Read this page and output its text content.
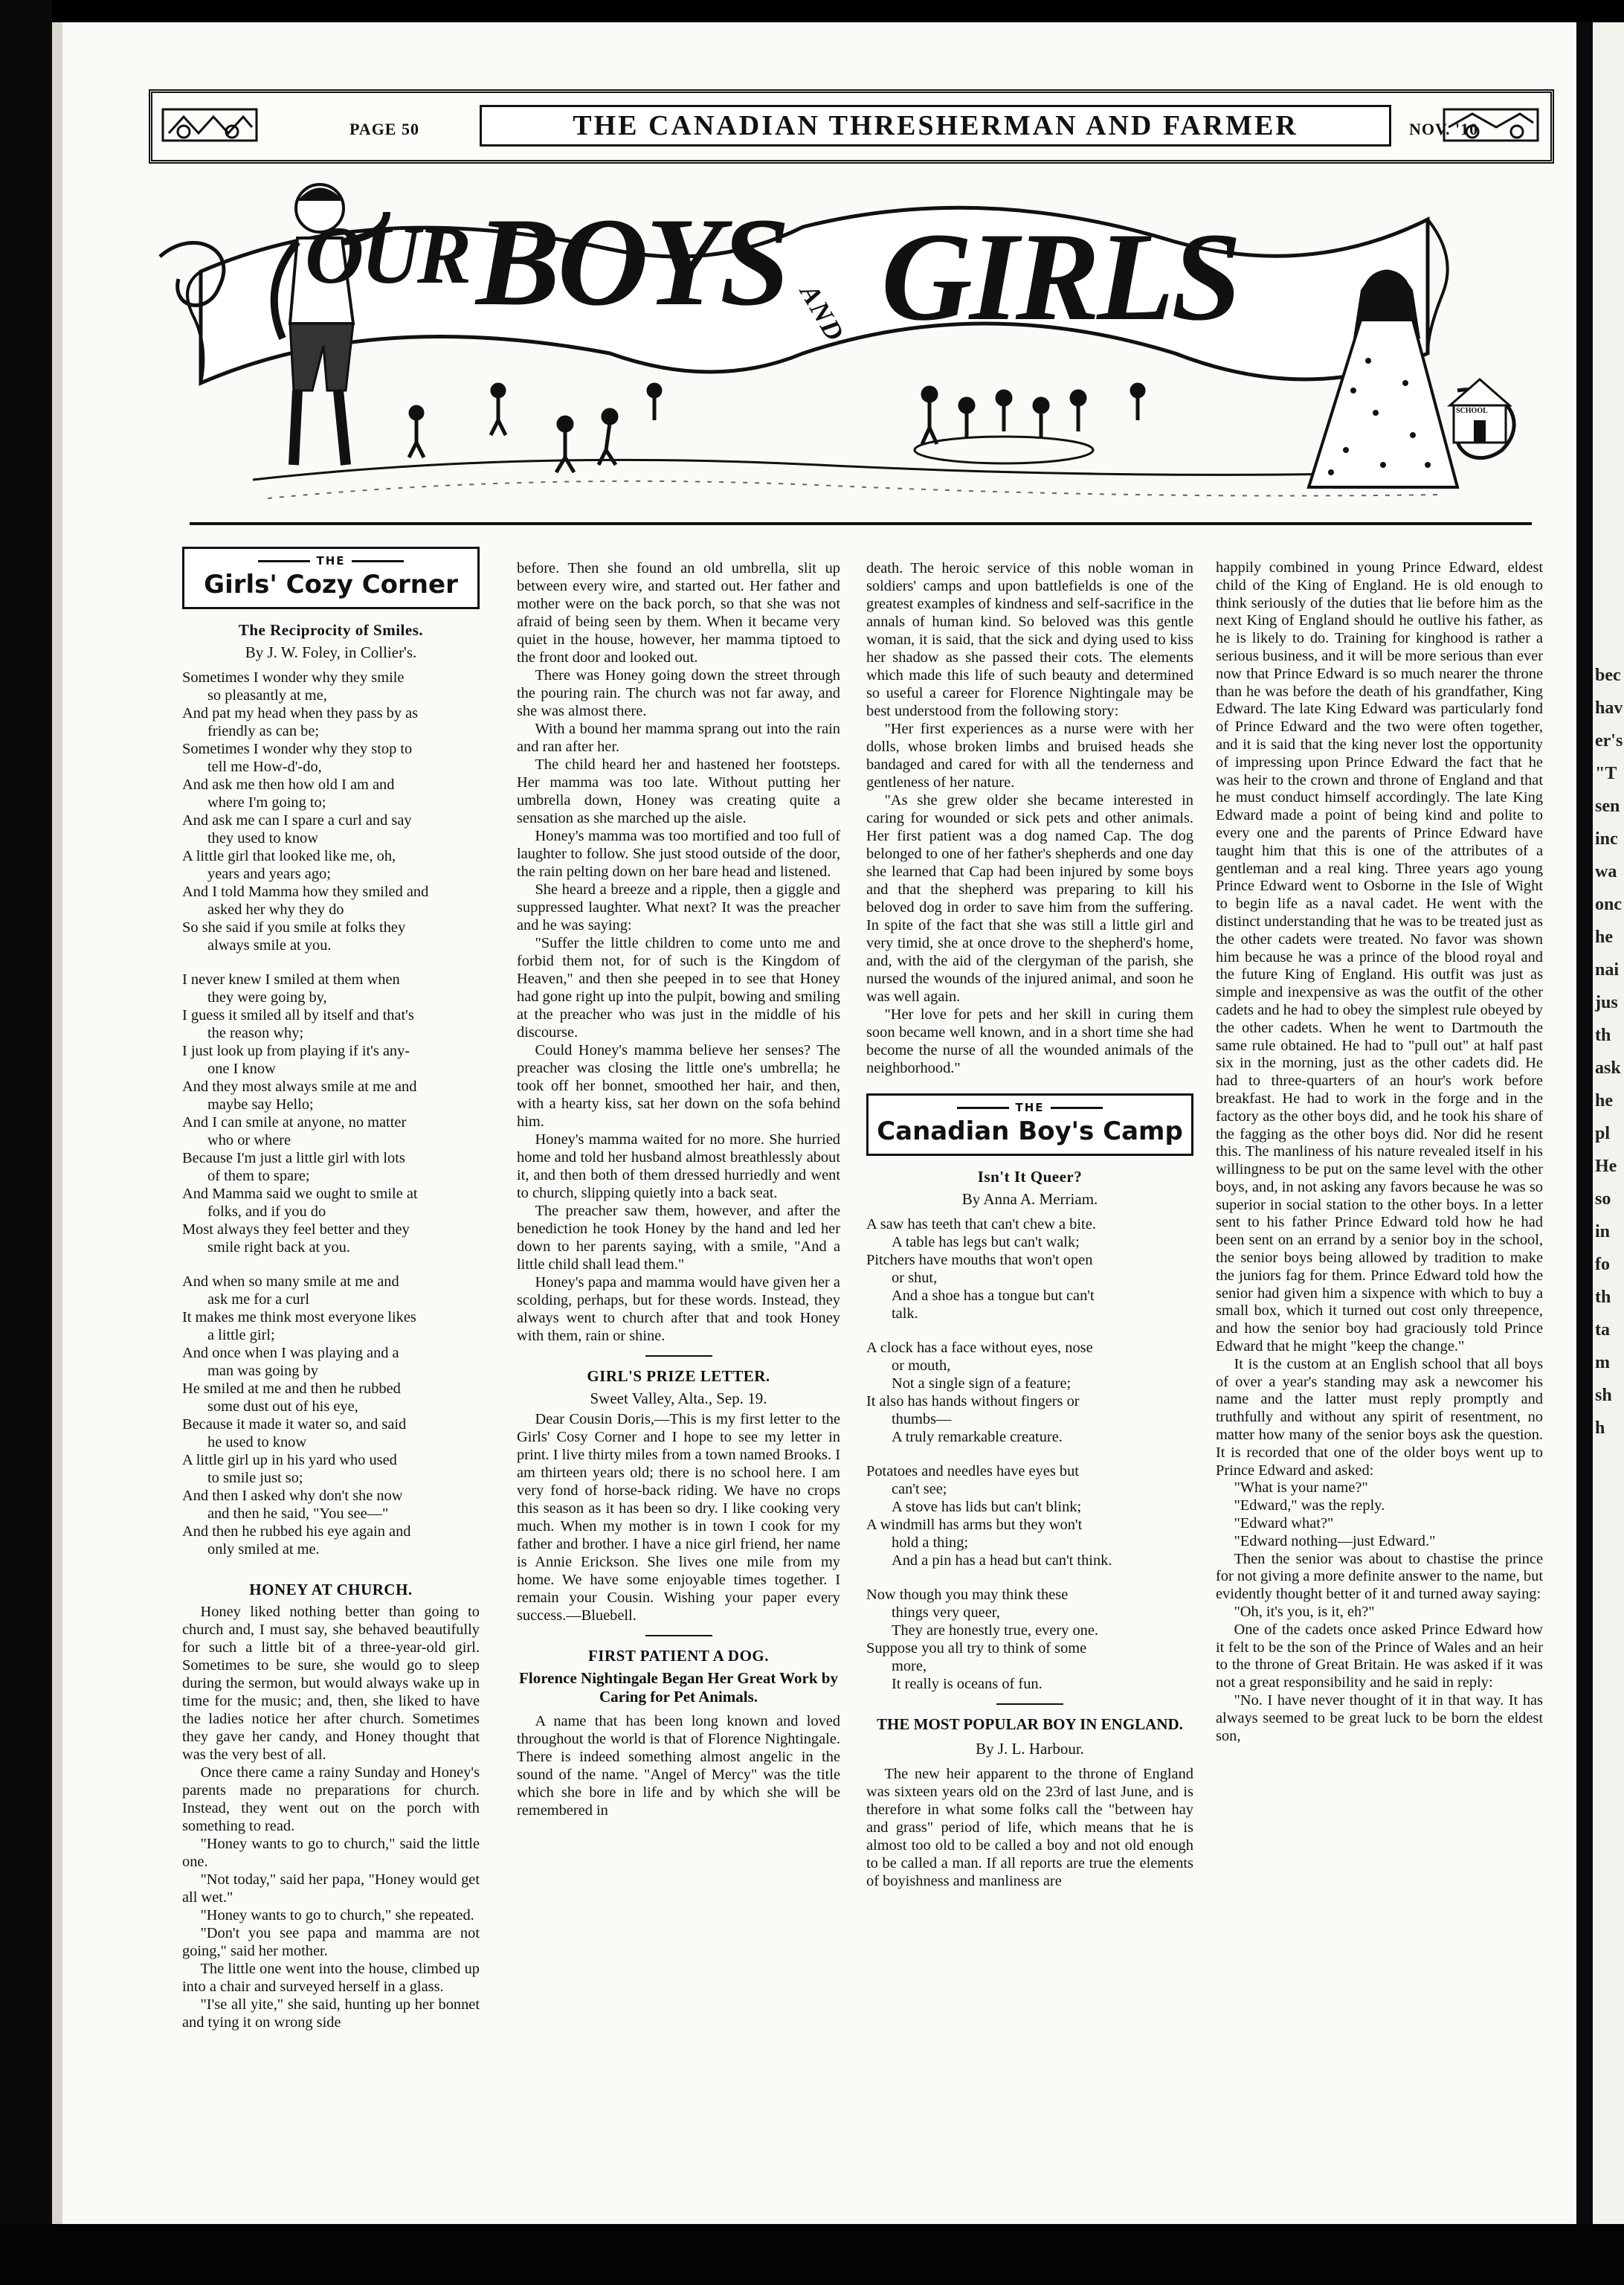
bec
hav
er's
"T
sen
inc
wa
onc
he
nai
jus
th
ask
he
pl
He
so
in
fo
th
ta
m
sh
h
PAGE 50	THE CANADIAN THRESHERMAN AND FARMER	NOV. '10
OUR BOYS AND GIRLS
SCHOOL
THE
Girls' Cozy Corner
The Reciprocity of Smiles.
By J. W. Foley, in Collier's.
Sometimes I wonder why they smile
so pleasantly at me,
And pat my head when they pass by as
friendly as can be;
Sometimes I wonder why they stop to
tell me How-d'-do,
And ask me then how old I am and
where I'm going to;
And ask me can I spare a curl and say
they used to know
A little girl that looked like me, oh,
years and years ago;
And I told Mamma how they smiled and
asked her why they do
So she said if you smile at folks they
always smile at you.
I never knew I smiled at them when
they were going by,
I guess it smiled all by itself and that's
the reason why;
I just look up from playing if it's any-
one I know
And they most always smile at me and
maybe say Hello;
And I can smile at anyone, no matter
who or where
Because I'm just a little girl with lots
of them to spare;
And Mamma said we ought to smile at
folks, and if you do
Most always they feel better and they
smile right back at you.
And when so many smile at me and
ask me for a curl
It makes me think most everyone likes
a little girl;
And once when I was playing and a
man was going by
He smiled at me and then he rubbed
some dust out of his eye,
Because it made it water so, and said
he used to know
A little girl up in his yard who used
to smile just so;
And then I asked why don't she now
and then he said, "You see—"
And then he rubbed his eye again and
only smiled at me.
HONEY AT CHURCH.

Honey liked nothing better than going to church and, I must say, she behaved beautifully for such a little bit of a three-year-old girl. Sometimes to be sure, she would go to sleep during the sermon, but would always wake up in time for the music; and, then, she liked to have the ladies notice her after church. Sometimes they gave her candy, and Honey thought that was the very best of all.

Once there came a rainy Sunday and Honey's parents made no preparations for church. Instead, they went out on the porch with something to read.

"Honey wants to go to church," said the little one.

"Not today," said her papa, "Honey would get all wet."

"Honey wants to go to church," she repeated.

"Don't you see papa and mamma are not going," said her mother.

The little one went into the house, climbed up into a chair and surveyed herself in a glass.

"I'se all yite," she said, hunting up her bonnet and tying it on wrong side

before. Then she found an old umbrella, slit up between every wire, and started out. Her father and mother were on the back porch, so that she was not afraid of being seen by them. When it became very quiet in the house, however, her mamma tiptoed to the front door and looked out.

There was Honey going down the street through the pouring rain. The church was not far away, and she was almost there.

With a bound her mamma sprang out into the rain and ran after her.

The child heard her and hastened her footsteps. Her mamma was too late. Without putting her umbrella down, Honey was creating quite a sensation as she marched up the aisle.

Honey's mamma was too mortified and too full of laughter to follow. She just stood outside of the door, the rain pelting down on her bare head and listened.

She heard a breeze and a ripple, then a giggle and suppressed laughter. What next? It was the preacher and he was saying:

"Suffer the little children to come unto me and forbid them not, for of such is the Kingdom of Heaven," and then she peeped in to see that Honey had gone right up into the pulpit, bowing and smiling at the preacher who was just in the middle of his discourse.

Could Honey's mamma believe her senses? The preacher was closing the little one's umbrella; he took off her bonnet, smoothed her hair, and then, with a hearty kiss, sat her down on the sofa behind him.

Honey's mamma waited for no more. She hurried home and told her husband almost breathlessly about it, and then both of them dressed hurriedly and went to church, slipping quietly into a back seat.

The preacher saw them, however, and after the benediction he took Honey by the hand and led her down to her parents saying, with a smile, "And a little child shall lead them."

Honey's papa and mamma would have given her a scolding, perhaps, but for these words. Instead, they always went to church after that and took Honey with them, rain or shine.

GIRL'S PRIZE LETTER.
Sweet Valley, Alta., Sep. 19.

Dear Cousin Doris,—This is my first letter to the Girls' Cosy Corner and I hope to see my letter in print. I live thirty miles from a town named Brooks. I am thirteen years old; there is no school here. I am very fond of horse-back riding. We have no crops this season as it has been so dry. I like cooking very much. When my mother is in town I cook for my father and brother. I have a nice girl friend, her name is Annie Erickson. She lives one mile from my home. We have some enjoyable times together. I remain your Cousin. Wishing your paper every success.—Bluebell.

FIRST PATIENT A DOG.
Florence Nightingale Began Her Great Work by Caring for Pet Animals.

A name that has been long known and loved throughout the world is that of Florence Nightingale. There is indeed something almost angelic in the sound of the name. "Angel of Mercy" was the title which she bore in life and by which she will be remembered in

death. The heroic service of this noble woman in soldiers' camps and upon battlefields is one of the greatest examples of kindness and self-sacrifice in the annals of human kind. So beloved was this gentle woman, it is said, that the sick and dying used to kiss her shadow as she passed their cots. The elements which made this life of such beauty and determined so useful a career for Florence Nightingale may be best understood from the following story:

"Her first experiences as a nurse were with her dolls, whose broken limbs and bruised heads she bandaged and cared for with all the tenderness and gentleness of her nature.

"As she grew older she became interested in caring for wounded or sick pets and other animals. Her first patient was a dog named Cap. The dog belonged to one of her father's shepherds and one day she learned that Cap had been injured by some boys and that the shepherd was preparing to kill his beloved dog in order to save him from the suffering. In spite of the fact that she was still a little girl and very timid, she at once drove to the shepherd's home, and, with the aid of the clergyman of the parish, she nursed the wounds of the injured animal, and soon he was well again.

"Her love for pets and her skill in curing them soon became well known, and in a short time she had become the nurse of all the wounded animals of the neighborhood."

THE
Canadian Boy's Camp
Isn't It Queer?
By Anna A. Merriam.
A saw has teeth that can't chew a bite.
A table has legs but can't walk;
Pitchers have mouths that won't open
or shut,
And a shoe has a tongue but can't
talk.
A clock has a face without eyes, nose
or mouth,
Not a single sign of a feature;
It also has hands without fingers or
thumbs—
A truly remarkable creature.
Potatoes and needles have eyes but
can't see;
A stove has lids but can't blink;
A windmill has arms but they won't
hold a thing;
And a pin has a head but can't think.
Now though you may think these
things very queer,
They are honestly true, every one.
Suppose you all try to think of some
more,
It really is oceans of fun.
THE MOST POPULAR BOY IN ENGLAND.
By J. L. Harbour.

The new heir apparent to the throne of England was sixteen years old on the 23rd of last June, and is therefore in what some folks call the "between hay and grass" period of life, which means that he is almost too old to be called a boy and not old enough to be called a man. If all reports are true the elements of boyishness and manliness are

happily combined in young Prince Edward, eldest child of the King of England. He is old enough to think seriously of the duties that lie before him as the next King of England should he outlive his father, as he is likely to do. Training for kinghood is rather a serious business, and it will be more serious than ever now that Prince Edward is so much nearer the throne than he was before the death of his grandfather, King Edward. The late King Edward was particularly fond of Prince Edward and the two were often together, and it is said that the king never lost the opportunity of impressing upon Prince Edward the fact that he was heir to the crown and throne of England and that he must conduct himself accordingly. The late King Edward made a point of being kind and polite to every one and the parents of Prince Edward have taught him that this is one of the attributes of a gentleman and a real king. Three years ago young Prince Edward went to Osborne in the Isle of Wight to begin life as a naval cadet. He went with the distinct understanding that he was to be treated just as the other cadets were treated. No favor was shown him because he was a prince of the blood royal and the future King of England. His outfit was just as simple and inexpensive as was the outfit of the other cadets and he had to obey the simplest rule obeyed by the other cadets. When he went to Dartmouth the same rule obtained. He had to "pull out" at half past six in the morning, just as the other cadets did. He had to three-quarters of an hour's work before breakfast. He had to work in the forge and in the factory as the other boys did, and he took his share of the fagging as the other boys did. Nor did he resent this. The manliness of his nature revealed itself in his willingness to be put on the same level with the other boys, and, in not asking any favors because he was so superior in social station to the other boys. In a letter sent to his father Prince Edward told how he had been sent on an errand by a senior boy in the school, the senior boys being allowed by tradition to make the juniors fag for them. Prince Edward told how the senior had given him a sixpence with which to buy a small box, which it turned out cost only threepence, and how the senior boy had graciously told Prince Edward that he might "keep the change."

It is the custom at an English school that all boys of over a year's standing may ask a newcomer his name and the latter must reply promptly and truthfully and without any spirit of resentment, no matter how many of the senior boys ask the question. It is recorded that one of the older boys went up to Prince Edward and asked:

"What is your name?"

"Edward," was the reply.

"Edward what?"

"Edward nothing—just Edward."

Then the senior was about to chastise the prince for not giving a more definite answer to the name, but evidently thought better of it and turned away saying:

"Oh, it's you, is it, eh?"

One of the cadets once asked Prince Edward how it felt to be the son of the Prince of Wales and an heir to the throne of Great Britain. He was asked if it was not a great responsibility and he said in reply:

"No. I have never thought of it in that way. It has always seemed to be great luck to be born the eldest son,
